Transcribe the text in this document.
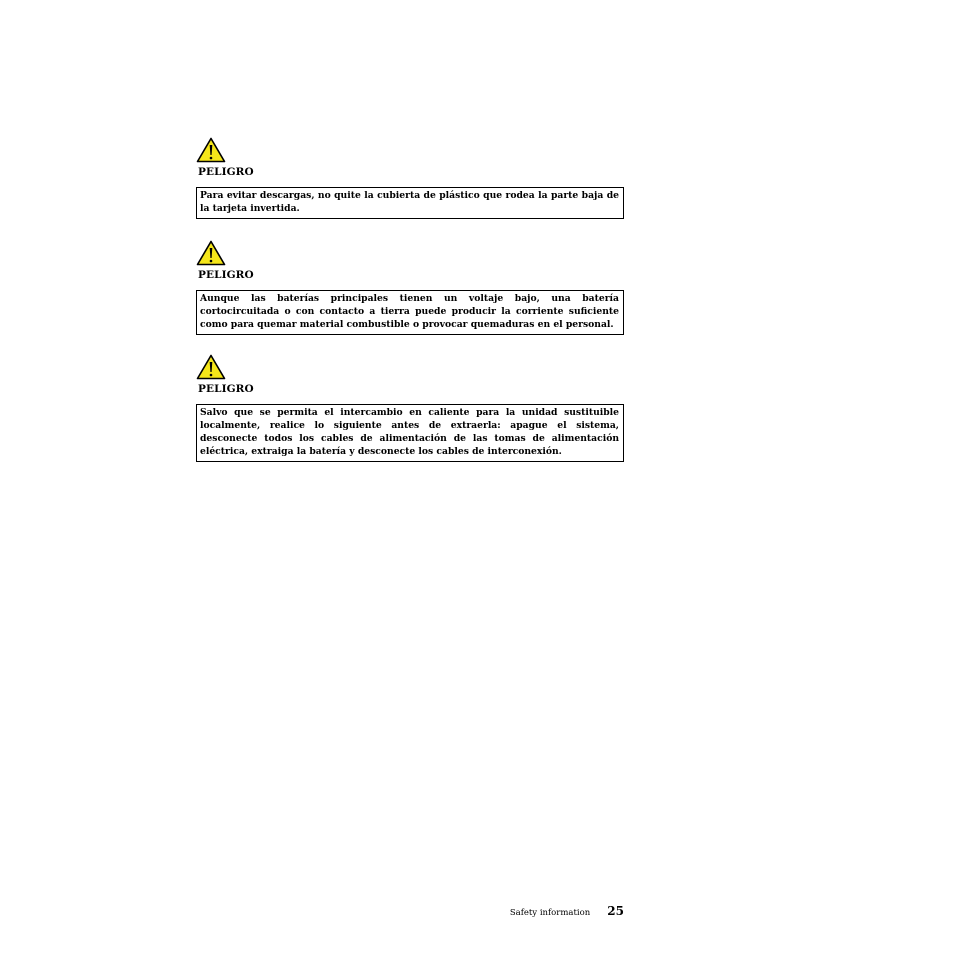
PELIGRO
Para evitar descargas, no quite la cubierta de plástico que rodea la parte baja de la tarjeta invertida.
PELIGRO
Aunque las baterías principales tienen un voltaje bajo, una batería cortocircuitada o con contacto a tierra puede producir la corriente suficiente como para quemar material combustible o provocar quemaduras en el personal.
PELIGRO
Salvo que se permita el intercambio en caliente para la unidad sustituible localmente, realice lo siguiente antes de extraerla: apague el sistema, desconecte todos los cables de alimentación de las tomas de alimentación eléctrica, extraiga la batería y desconecte los cables de interconexión.
Safety information 25
